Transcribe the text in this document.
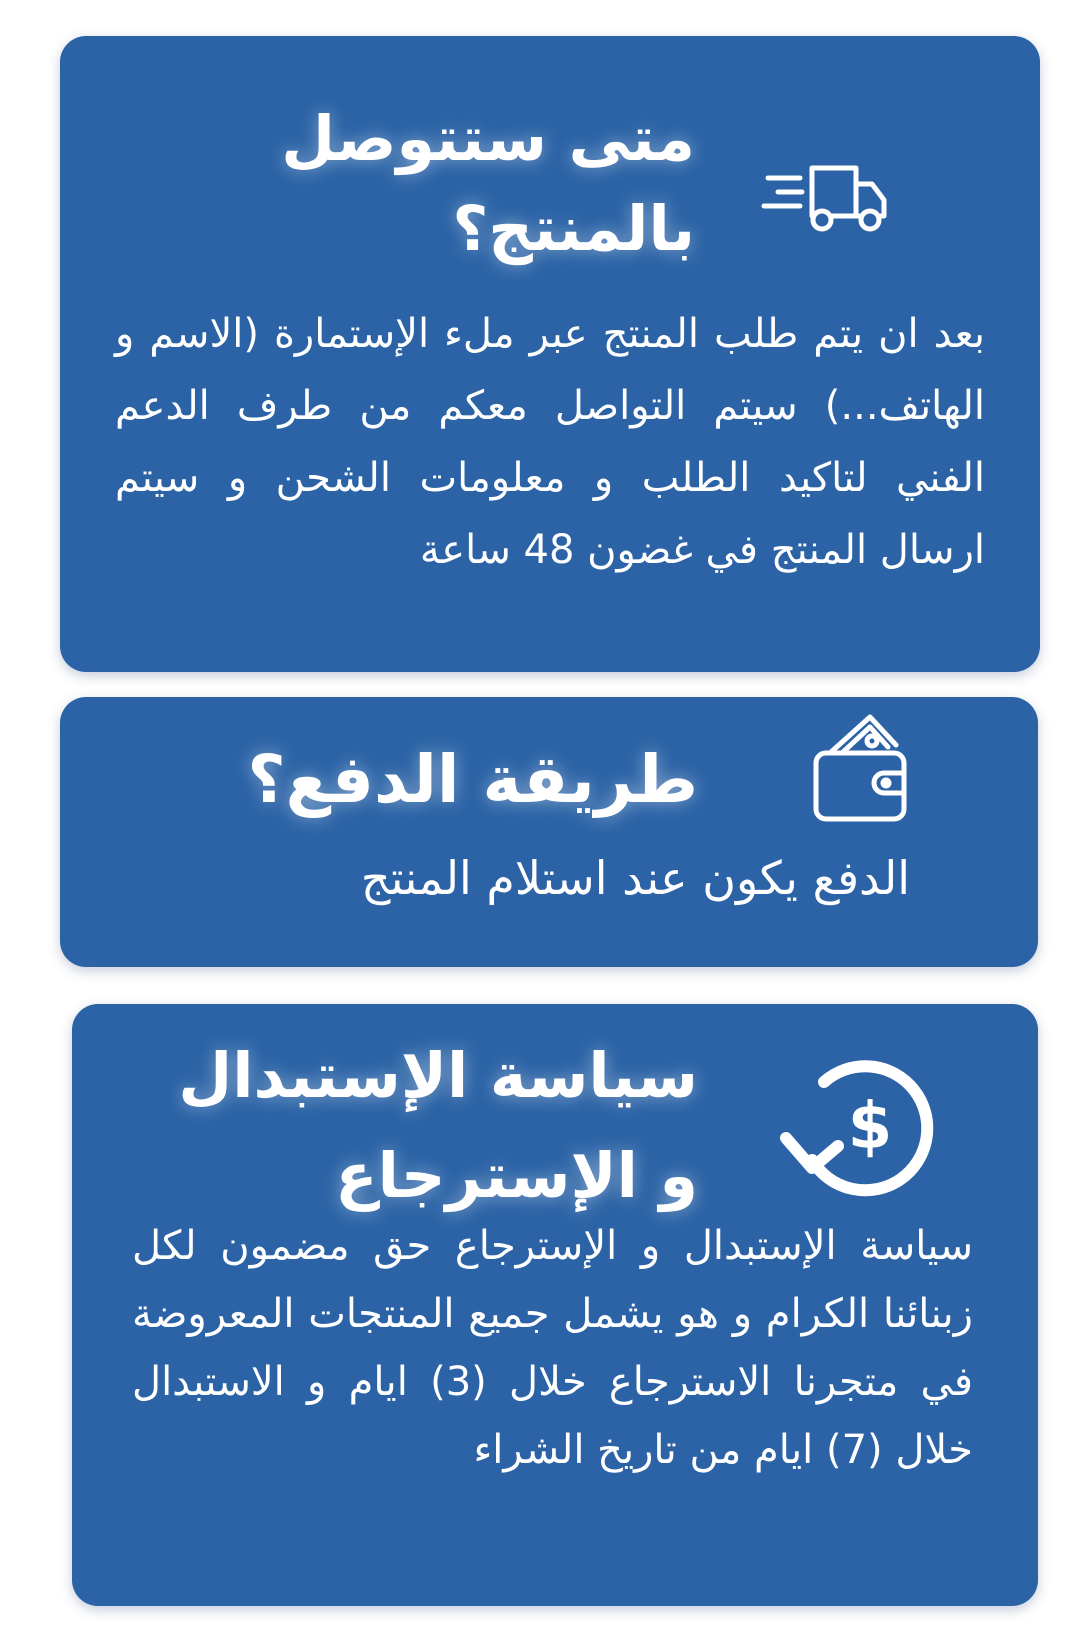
متى ستتوصل
بالمنتج؟

بعد ان يتم طلب المنتج عبر ملء الإستمارة (الاسم و الهاتف...) سيتم التواصل معكم من طرف الدعم الفني لتاكيد الطلب و معلومات الشحن و سيتم ارسال المنتج في غضون 48 ساعة

طريقة الدفع؟

الدفع يكون عند استلام المنتج

$
سياسة الإستبدال
و الإسترجاع

سياسة الإستبدال و الإسترجاع حق مضمون لكل زبنائنا الكرام و هو يشمل جميع المنتجات المعروضة في متجرنا الاسترجاع خلال (3) ايام و الاستبدال خلال (7) ايام من تاريخ الشراء
